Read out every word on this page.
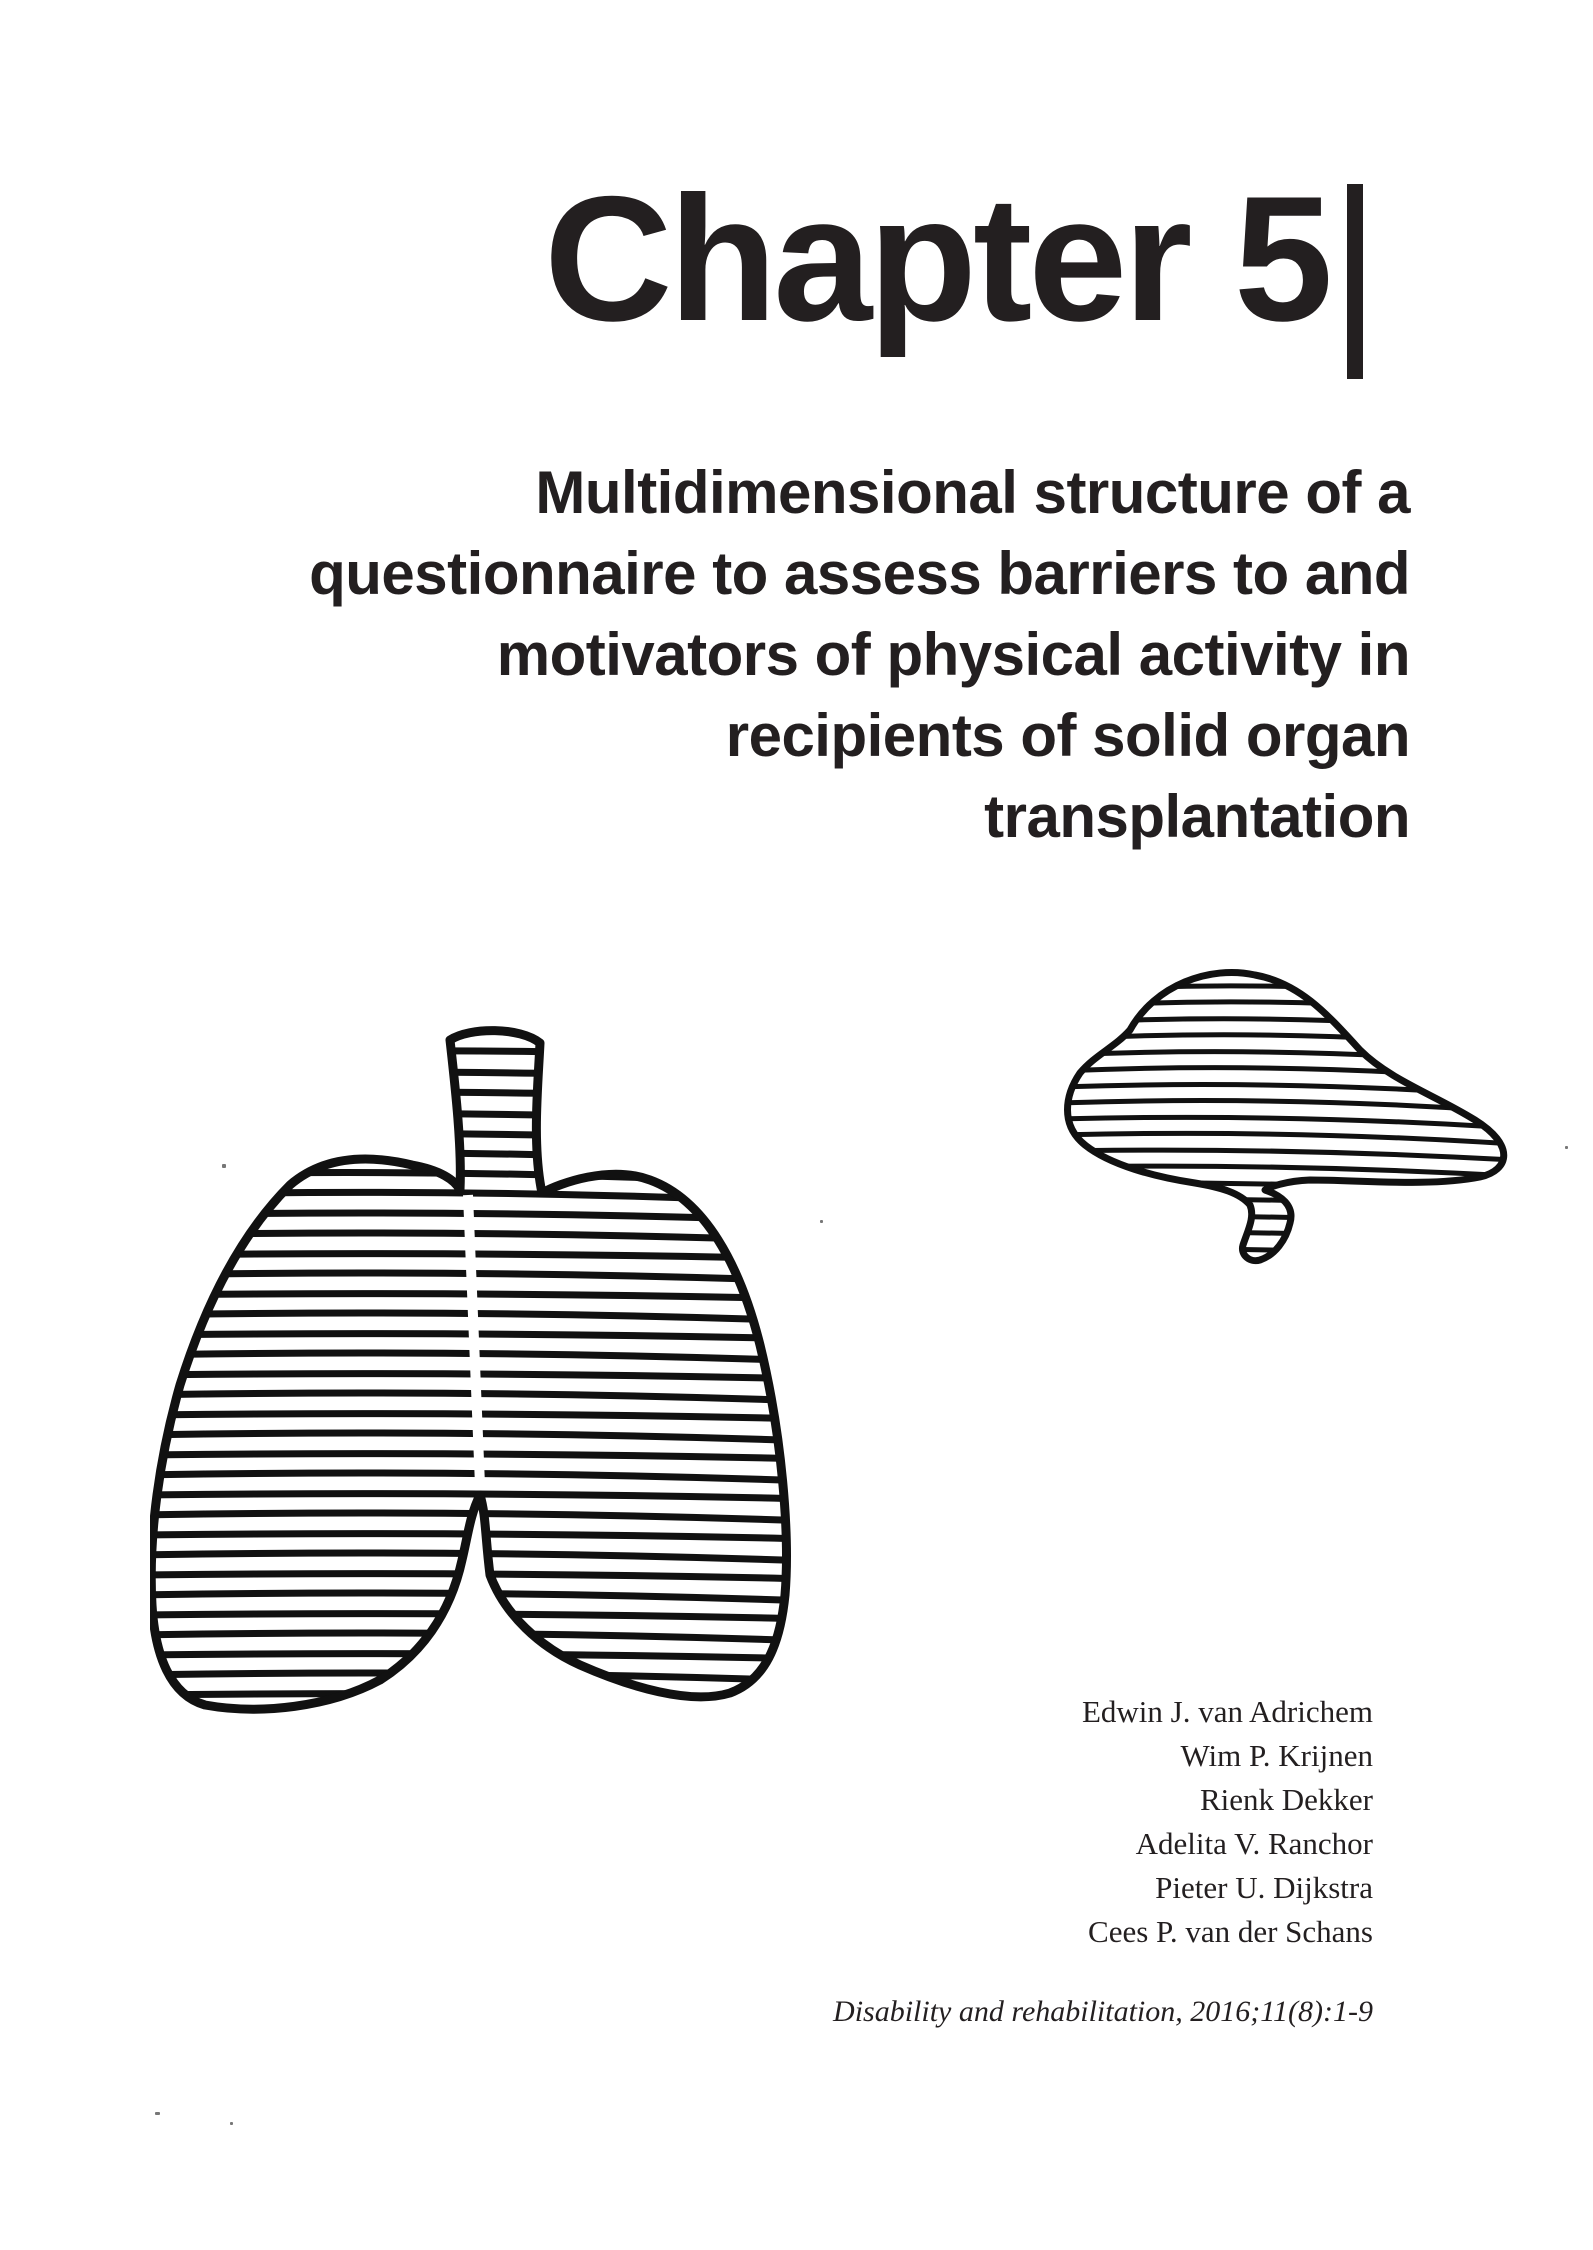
Chapter 5
Multidimensional structure of a
questionnaire to assess barriers to and
motivators of physical activity in
recipients of solid organ
transplantation
Edwin J. van Adrichem
Wim P. Krijnen
Rienk Dekker
Adelita V. Ranchor
Pieter U. Dijkstra
Cees P. van der Schans
Disability and rehabilitation, 2016;11(8):1-9
